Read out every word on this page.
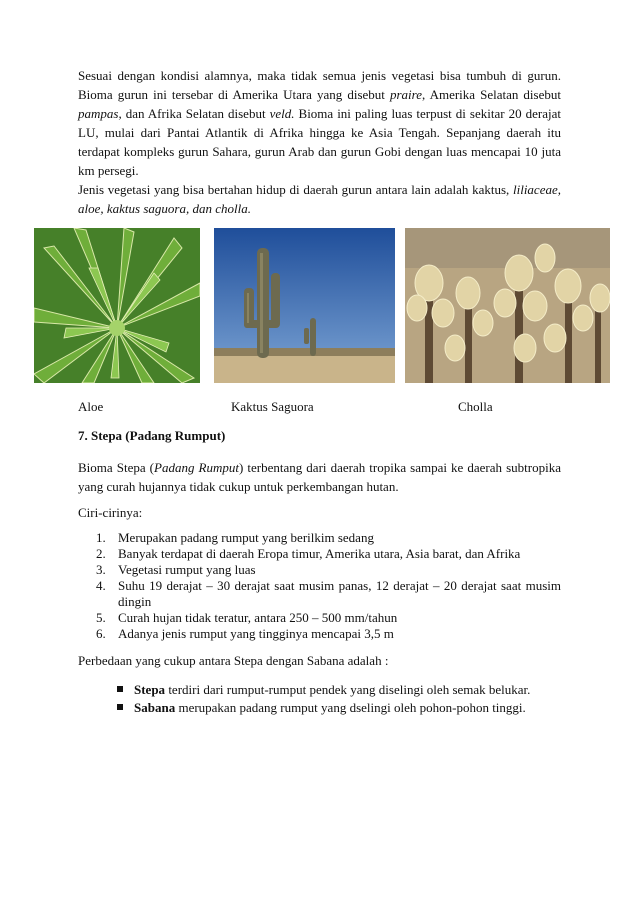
Sesuai dengan kondisi alamnya, maka tidak semua jenis vegetasi bisa tumbuh di gurun. Bioma gurun ini tersebar di Amerika Utara yang disebut praire, Amerika Selatan disebut pampas, dan Afrika Selatan disebut veld. Bioma ini paling luas terpust di sekitar 20 derajat LU, mulai dari Pantai Atlantik di Afrika hingga ke Asia Tengah. Sepanjang daerah itu terdapat kompleks gurun Sahara, gurun Arab dan gurun Gobi dengan luas mencapai 10 juta km persegi.

Jenis vegetasi yang bisa bertahan hidup di daerah gurun antara lain adalah kaktus, liliaceae, aloe, kaktus saguora, dan cholla.

Aloe	Kaktus Saguora	Cholla
7. Stepa (Padang Rumput)

Bioma Stepa (Padang Rumput) terbentang dari daerah tropika sampai ke daerah subtropika yang curah hujannya tidak cukup untuk perkembangan hutan.

Ciri-cirinya:

1. Merupakan padang rumput yang berilkim sedang
2. Banyak terdapat di daerah Eropa timur, Amerika utara, Asia barat, dan Afrika
3. Vegetasi rumput yang luas
4. Suhu 19 derajat – 30 derajat saat musim panas, 12 derajat – 20 derajat saat musim dingin
5. Curah hujan tidak teratur, antara 250 – 500 mm/tahun
6. Adanya jenis rumput yang tingginya mencapai 3,5 m

Perbedaan yang cukup antara Stepa dengan Sabana adalah :

Stepa terdiri dari rumput-rumput pendek yang diselingi oleh semak belukar.
Sabana merupakan padang rumput yang dselingi oleh pohon-pohon tinggi.
